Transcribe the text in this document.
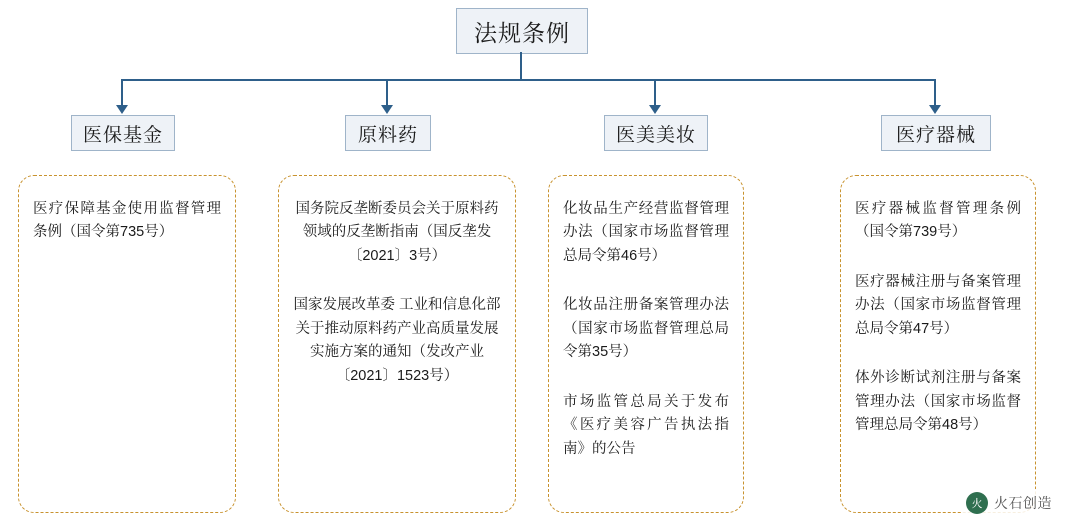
法规条例
医保基金	原料药	医美美妆	医疗器械
医疗保障基金使用监督管理条例（国令第735号）
国务院反垄断委员会关于原料药领域的反垄断指南（国反垄发〔2021〕3号）
国家发展改革委 工业和信息化部关于推动原料药产业高质量发展实施方案的通知（发改产业〔2021〕1523号）
化妆品生产经营监督管理办法（国家市场监督管理总局令第46号）
化妆品注册备案管理办法（国家市场监督管理总局令第35号）
市场监管总局关于发布《医疗美容广告执法指南》的公告
医疗器械监督管理条例（国令第739号）
医疗器械注册与备案管理办法（国家市场监督管理总局令第47号）
体外诊断试剂注册与备案管理办法（国家市场监督管理总局令第48号）
火 火石创造
